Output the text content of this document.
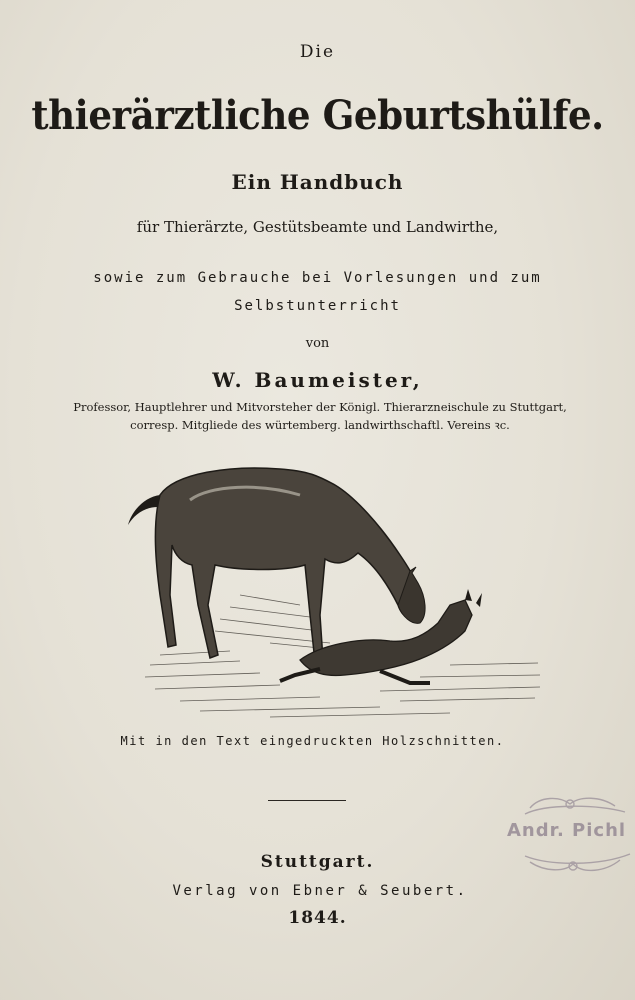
Die
thierärztliche Geburtshülfe.
Ein Handbuch
für Thierärzte, Gestütsbeamte und Landwirthe,
sowie zum Gebrauche bei Vorlesungen und zum
Selbstunterricht
von
W. Baumeister,
Professor, Hauptlehrer und Mitvorsteher der Königl. Thierarzneischule zu Stuttgart,
corresp. Mitgliede des würtemberg. landwirthschaftl. Vereins ꝛc.
Mit in den Text eingedruckten Holzschnitten.
Stuttgart.
Verlag von Ebner & Seubert.
1844.
Andr. Pichl
